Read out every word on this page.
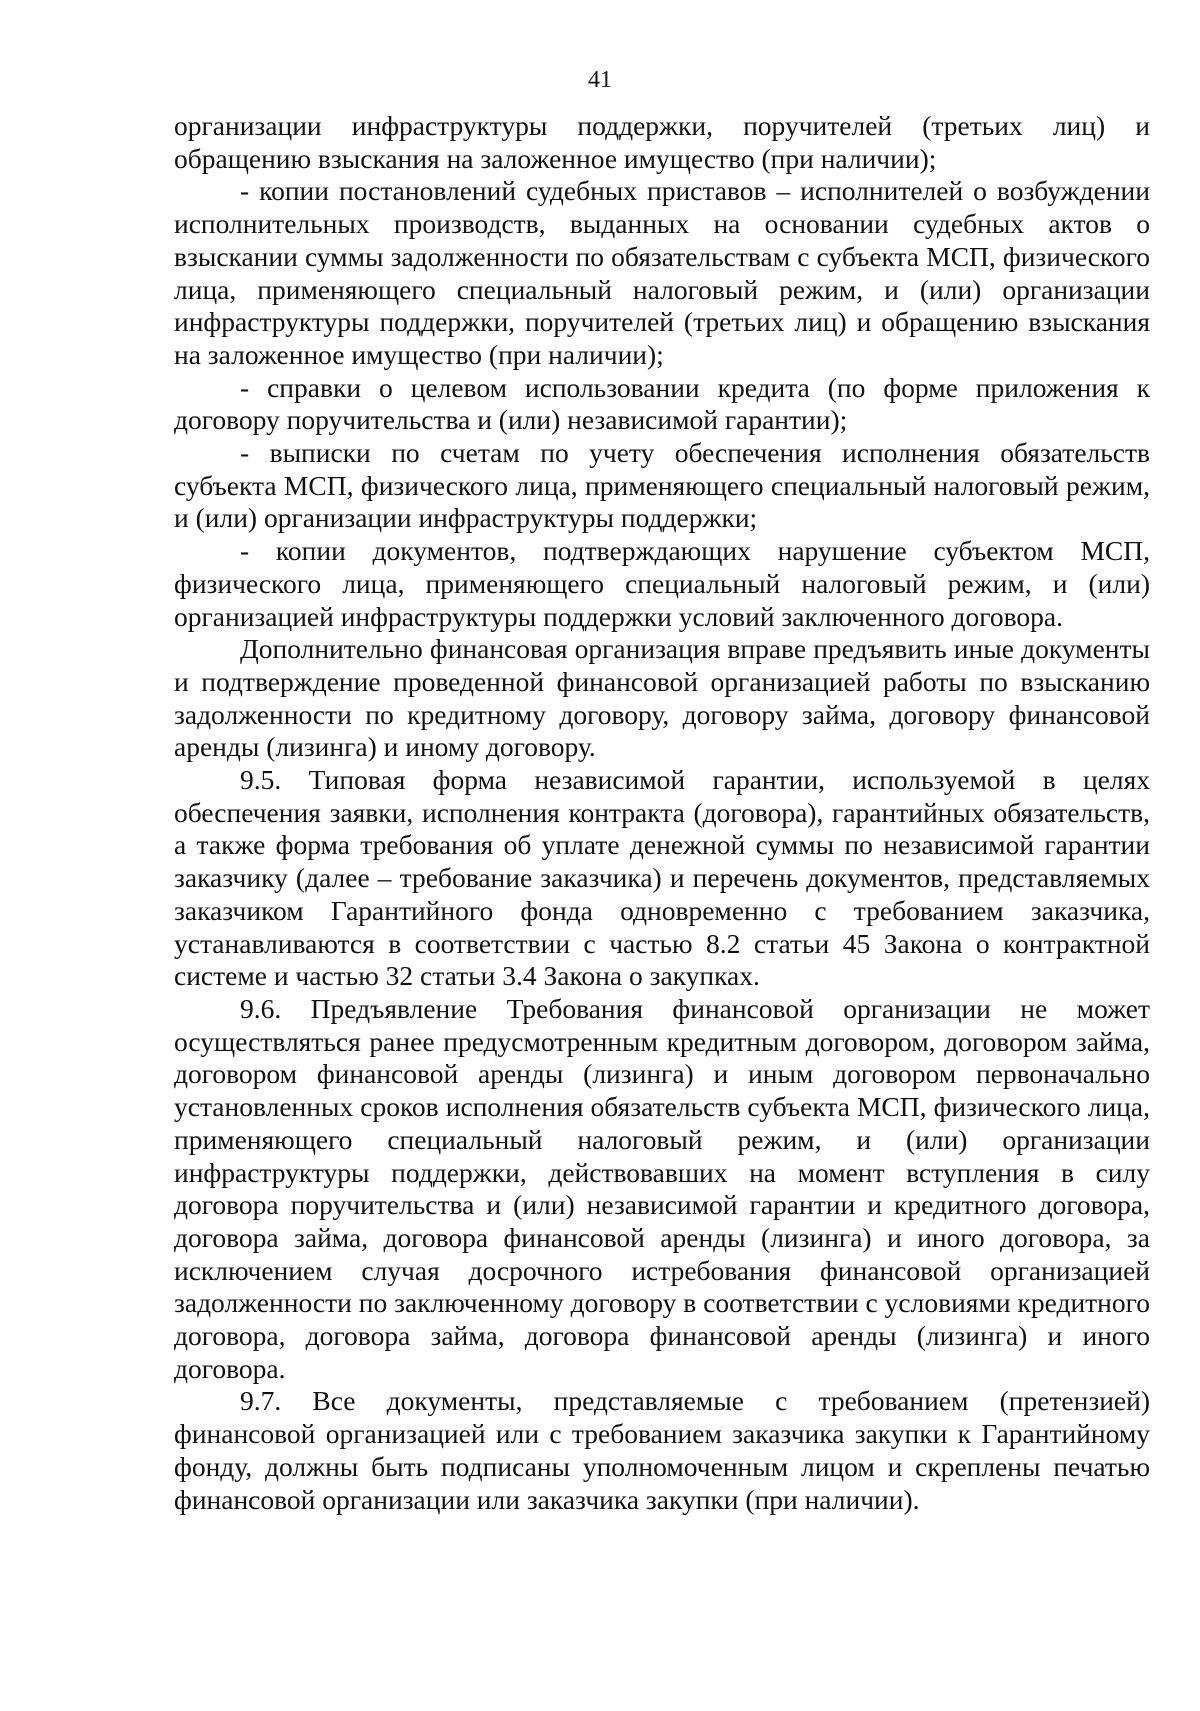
41

организации инфраструктуры поддержки, поручителей (третьих лиц) и обращению взыскания на заложенное имущество (при наличии);

- копии постановлений судебных приставов – исполнителей о возбуждении исполнительных производств, выданных на основании судебных актов о взыскании суммы задолженности по обязательствам с субъекта МСП, физического лица, применяющего специальный налоговый режим, и (или) организации инфраструктуры поддержки, поручителей (третьих лиц) и обращению взыскания на заложенное имущество (при наличии);

- справки о целевом использовании кредита (по форме приложения к договору поручительства и (или) независимой гарантии);

- выписки по счетам по учету обеспечения исполнения обязательств субъекта МСП, физического лица, применяющего специальный налоговый режим, и (или) организации инфраструктуры поддержки;

- копии документов, подтверждающих нарушение субъектом МСП, физического лица, применяющего специальный налоговый режим, и (или) организацией инфраструктуры поддержки условий заключенного договора.

Дополнительно финансовая организация вправе предъявить иные документы и подтверждение проведенной финансовой организацией работы по взысканию задолженности по кредитному договору, договору займа, договору финансовой аренды (лизинга) и иному договору.

9.5. Типовая форма независимой гарантии, используемой в целях обеспечения заявки, исполнения контракта (договора), гарантийных обязательств, а также форма требования об уплате денежной суммы по независимой гарантии заказчику (далее – требование заказчика) и перечень документов, представляемых заказчиком Гарантийного фонда одновременно с требованием заказчика, устанавливаются в соответствии с частью 8.2 статьи 45 Закона о контрактной системе и частью 32 статьи 3.4 Закона о закупках.

9.6. Предъявление Требования финансовой организации не может осуществляться ранее предусмотренным кредитным договором, договором займа, договором финансовой аренды (лизинга) и иным договором первоначально установленных сроков исполнения обязательств субъекта МСП, физического лица, применяющего специальный налоговый режим, и (или) организации инфраструктуры поддержки, действовавших на момент вступления в силу договора поручительства и (или) независимой гарантии и кредитного договора, договора займа, договора финансовой аренды (лизинга) и иного договора, за исключением случая досрочного истребования финансовой организацией задолженности по заключенному договору в соответствии с условиями кредитного договора, договора займа, договора финансовой аренды (лизинга) и иного договора.

9.7. Все документы, представляемые с требованием (претензией) финансовой организацией или с требованием заказчика закупки к Гарантийному фонду, должны быть подписаны уполномоченным лицом и скреплены печатью финансовой организации или заказчика закупки (при наличии).
